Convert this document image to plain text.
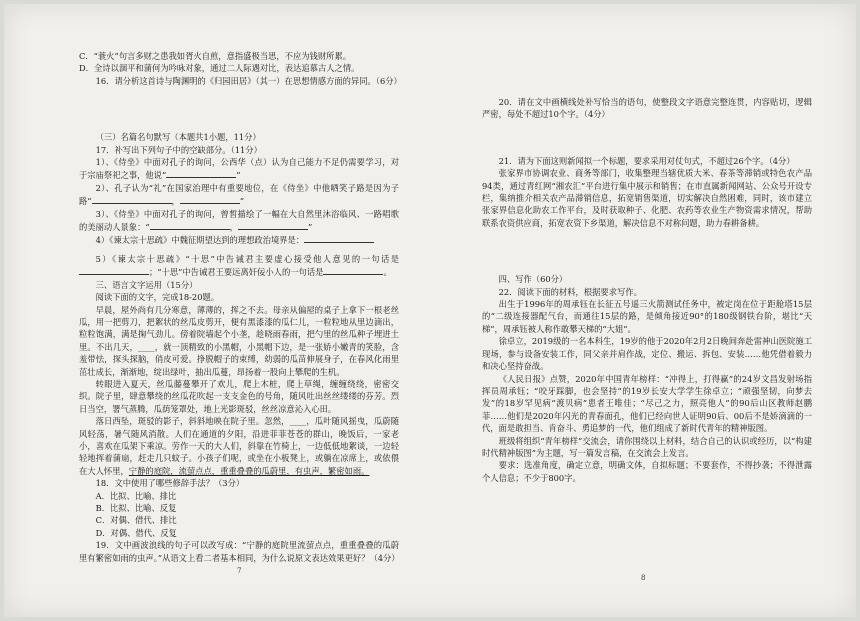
C．“蓑火”句言多财之患我如胥火自煎，意指盛极当思，不应为钱财所累。

D．全诗以涸平和蒲何为吟咏对象，通过二人际遇对比，表达追慕古人之情。

16．请分析这首诗与陶渊明的《归园田居》（其一）在思想情感方面的异同。（6分）

（三）名篇名句默写（本题共1小题，11分）

17．补写出下列句子中的空缺部分。（11分）

1）、《侍坐》中面对孔子的询问，公西华（点）认为自己能力不足仍需要学习，对于宗庙祭祀之事，他说“	”

2）、孔子认为“礼”在国家治理中有重要地位，在《侍坐》中他哂笑子路是因为子路“	，	”

3）、《侍坐》中面对孔子的询问，曾皙描绘了一幅在大自然里沐浴临风、一路唱歌的美丽动人景象：“	，	”

4）《谏太宗十思疏》中魏征期望达到的理想政治境界是：

5）《谏太宗十思疏》“十思”中告诫君主要虚心接受他人意见的一句话是；“十思”中告诫君王要远离奸佞小人的一句话是	。

三、语言文字运用（15分）

阅读下面的文字，完成18-20题。

早晨，屋外尚有几分寒意，薄薄的，挥之不去。母亲从偏屋的桌子上拿下一根老丝瓜，用一把剪刀，把絮状的丝瓜皮剪开，便有黑漆漆的瓜仁儿，一粒粒地从里边滴出，粒粒饱满，满是掬气劲儿。傍着院墙起个小垄，趁晓雨春雨，把勺里的丝瓜种子埋进土里。不出几天，____，就一顶精致的小黑帽，小黑帽下边，是一张娇小嫩青的笑脸，含羞带怯，探头探脑，俏皮可爱。挣脱帽子的束缚，幼弱的瓜苗伸展身子，在春风化雨里茁壮成长，渐渐地，绽出绿叶，抽出瓜蔓，昂扬着一股向上攀爬的生机。

转眼进入夏天，丝瓜藤蔓攀开了欢儿，爬上木桩，爬上草绳，缠缠绕绕，密密交织。院子里，肆意攀绕的丝瓜花吹起一支支金色的号角，随风吐出丝丝缕缕的芬芳。烈日当空，署气蒸腾，瓜荫笼罩处，地上光影斑驳，丝丝凉意沁入心田。

落日西坠，斑驳的影子，斜斜地映在院子里。忽然，____，瓜叶随风摇曳，瓜蔚随风轻荡，暑气随风消散。人们在通道的夕阳，沿进菲菲苍苍的群山，晚饭后，一家老小，喜欢在瓜架下乘凉。劳作一天的大人们，斜靠在竹椅上，一边低低地絮谈，一边轻轻地挥着蒲扇，赶走几只蚊子。小孩子们呢，或坐在小板凳上，或躺在凉席上，或依偎在大人怀里，宁静的庭院，流萤点点，重重叠叠的瓜蔚里，有虫声，繁密如雨。

18．文中使用了哪些修辞手法？（3分）

A．比拟、比喻、排比

B．比拟、比喻、反复

C．对偶、借代、排比

D．对偶、借代、反复

19．文中画波浪线的句子可以改写成：“宁静的庭院里流萤点点，重重叠叠的瓜蔚里有繁密如雨的虫声。”从语文上看二者基本相同，为什么说原文表达效果更好？（4分）

7

20．请在文中画横线处补写恰当的语句，使整段文字语意完整连贯，内容贴切，逻辑严密，每处不超过10个字。（4分）

21．请为下面这则新闻拟一个标题，要求采用对仗句式，不超过26个字。（4分）

张家界市协调农业、商务等部门，收集整理当辖优质大米、春茶等滞销或特色农产品94类，通过青红网“湘农汇”平台进行集中展示和销售；在市直属新闻网站、公众号开设专栏，集纳推介相关农产品滞销信息，拓宽销售渠道，切实解决自然困难，同时，该市建立张家界信息化助农工作平台，及时获取种子、化肥、农药等农业生产物资需求情况，帮助联系农资供应商，拓宽农资下乡渠道，解决信息不对称问题，助力春耕备耕。

四、写作（60分）

22．阅读下面的材料，根据要求写作。

出生于1996年的周承钰在长征五号遥三火箭测试任务中，被定岗在位于距舱塔15层的“二级连接器配气台，而通往15层的路，是倾角接近90°的180级钢铁台阶，堪比“天梯”，周承钰被人称作敢攀天梯的“大姐”。

徐卓立，2019级的一名本科生，19岁的他于2020年2月2日晚间奔赴雷神山医院施工现场，参与设备安装工作，同父亲并肩作战，定位、搬运、拆包、安装……他凭借着毅力和决心坚持奋战。

《人民日报》点赞，2020年中国青年榜样：“冲得上，打得赢”的24岁文昌发射场指挥员周承钰；“咬牙踩脚，也会坚持”的19岁长安大学学生徐卓立；“顽强坚韧，向梦去发”的18岁罕见病“渡贝病”患者王唯佳；“尽己之力，照亮他人”的90后山区教师赵鹏菲……他们是2020年闪光的青春面孔，他们已经向世人证明90后、00后不是娇滴滴的一代，面是敢担当、肯奋斗、勇追梦的一代，他们组成了新时代青年的精神版图。

班级将组织“青年榜样”交流会，请你围绕以上材料，结合自己的认识或经历，以“构建时代精神版图”为主题，写一篇发言稿，在交流会上发言。

要求：选准角度，确定立意，明确文体，自拟标题；不要套作，不得抄袭；不得泄露个人信息；不少于800字。

8
